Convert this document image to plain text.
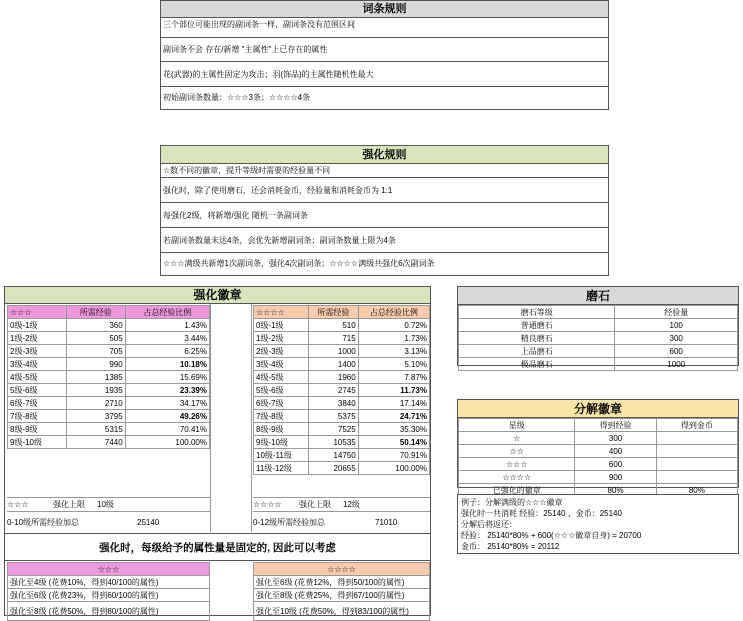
词条规则
三个部位可能出现的副词条一样，副词条没有范围区间
副词条不会 存在/新增 "主属性"上已存在的属性
花(武器)的主属性固定为攻击；羽(饰品)的主属性随机性最大
初始副词条数量：☆☆☆3条；☆☆☆☆4条
强化规则
☆数不同的徽章，提升等级时需要的经验量不同
强化时，除了使用磨石，还会消耗金币，经验量和消耗金币为 1:1
每强化2级，将新增/强化 随机一条副词条
若副词条数量未达4条，会优先新增副词条；副词条数量上限为4条
☆☆☆满级共新增1次副词条，强化4次副词条；☆☆☆☆满级共强化6次副词条
强化徽章
☆☆☆	所需经验	占总经验比例
0级-1级	360	1.43%
1级-2级	505	3.44%
2级-3级	705	6.25%
3级-4级	990	10.18%
4级-5级	1385	15.69%
5级-6级	1935	23.39%
6级-7级	2710	34.17%
7级-8级	3795	49.26%
8级-9级	5315	70.41%
9级-10级	7440	100.00%
☆☆☆☆	所需经验	占总经验比例
0级-1级	510	0.72%
1级-2级	715	1.73%
2级-3级	1000	3.13%
3级-4级	1400	5.10%
4级-5级	1960	7.87%
5级-6级	2745	11.73%
6级-7级	3840	17.14%
7级-8级	5375	24.71%
8级-9级	7525	35.30%
9级-10级	10535	50.14%
10级-11级	14750	70.91%
11级-12级	20655	100.00%
☆☆☆	强化上限 10级
0-10级所需经验加总	25140
☆☆☆☆ 强化上限 12级
0-12级所需经验加总	71010
强化时，每级给予的属性量是固定的, 因此可以考虑
☆☆☆
强化至4级 (花费10%，得到40/100的属性)
强化至6级 (花费23%，得到60/100的属性)
强化至8级 (花费50%，得到80/100的属性)
☆☆☆☆
强化至6级 (花费12%，得到50/100的属性)
强化至8级 (花费25%，得到67/100的属性)
强化至10级 (花费50%，得到83/100的属性)
磨石
磨石等级	经验量
普通磨石	100
精良磨石	300
上品磨石	600
极品磨石	1000
分解徽章
星级	得到经验	得到金币
☆	300	
☆☆	400	
☆☆☆	600	
☆☆☆☆	900	
已强化的徽章	80%	80%
例子：分解满级的☆☆☆徽章
强化时一共消耗 经验：25140 、金币：25140
分解后将返还：
经验： 25140*80% + 600(☆☆☆徽章自身) = 20700
金币： 25140*80% = 20112
